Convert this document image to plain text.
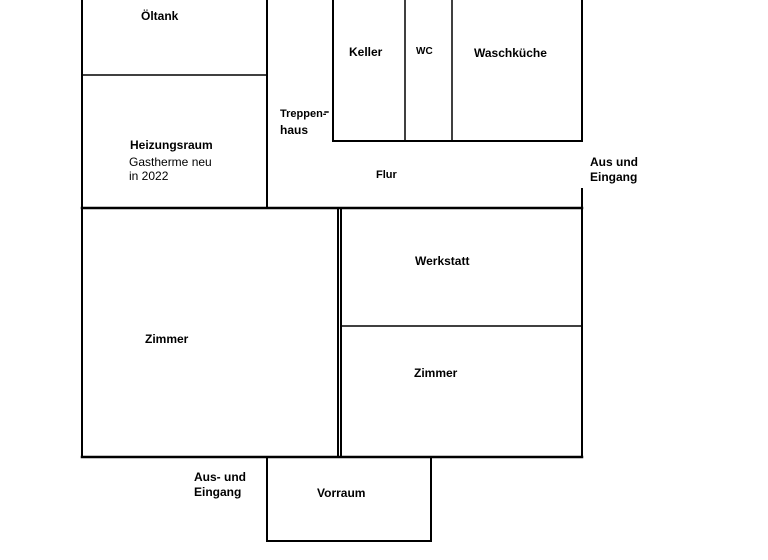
Öltank
Keller	WC	Waschküche
Treppen-
haus
Heizungsraum
Gastherme neu
in 2022	Flur
Aus und
Eingang
Werkstatt
Zimmer
Zimmer
Aus- und
Eingang	Vorraum
